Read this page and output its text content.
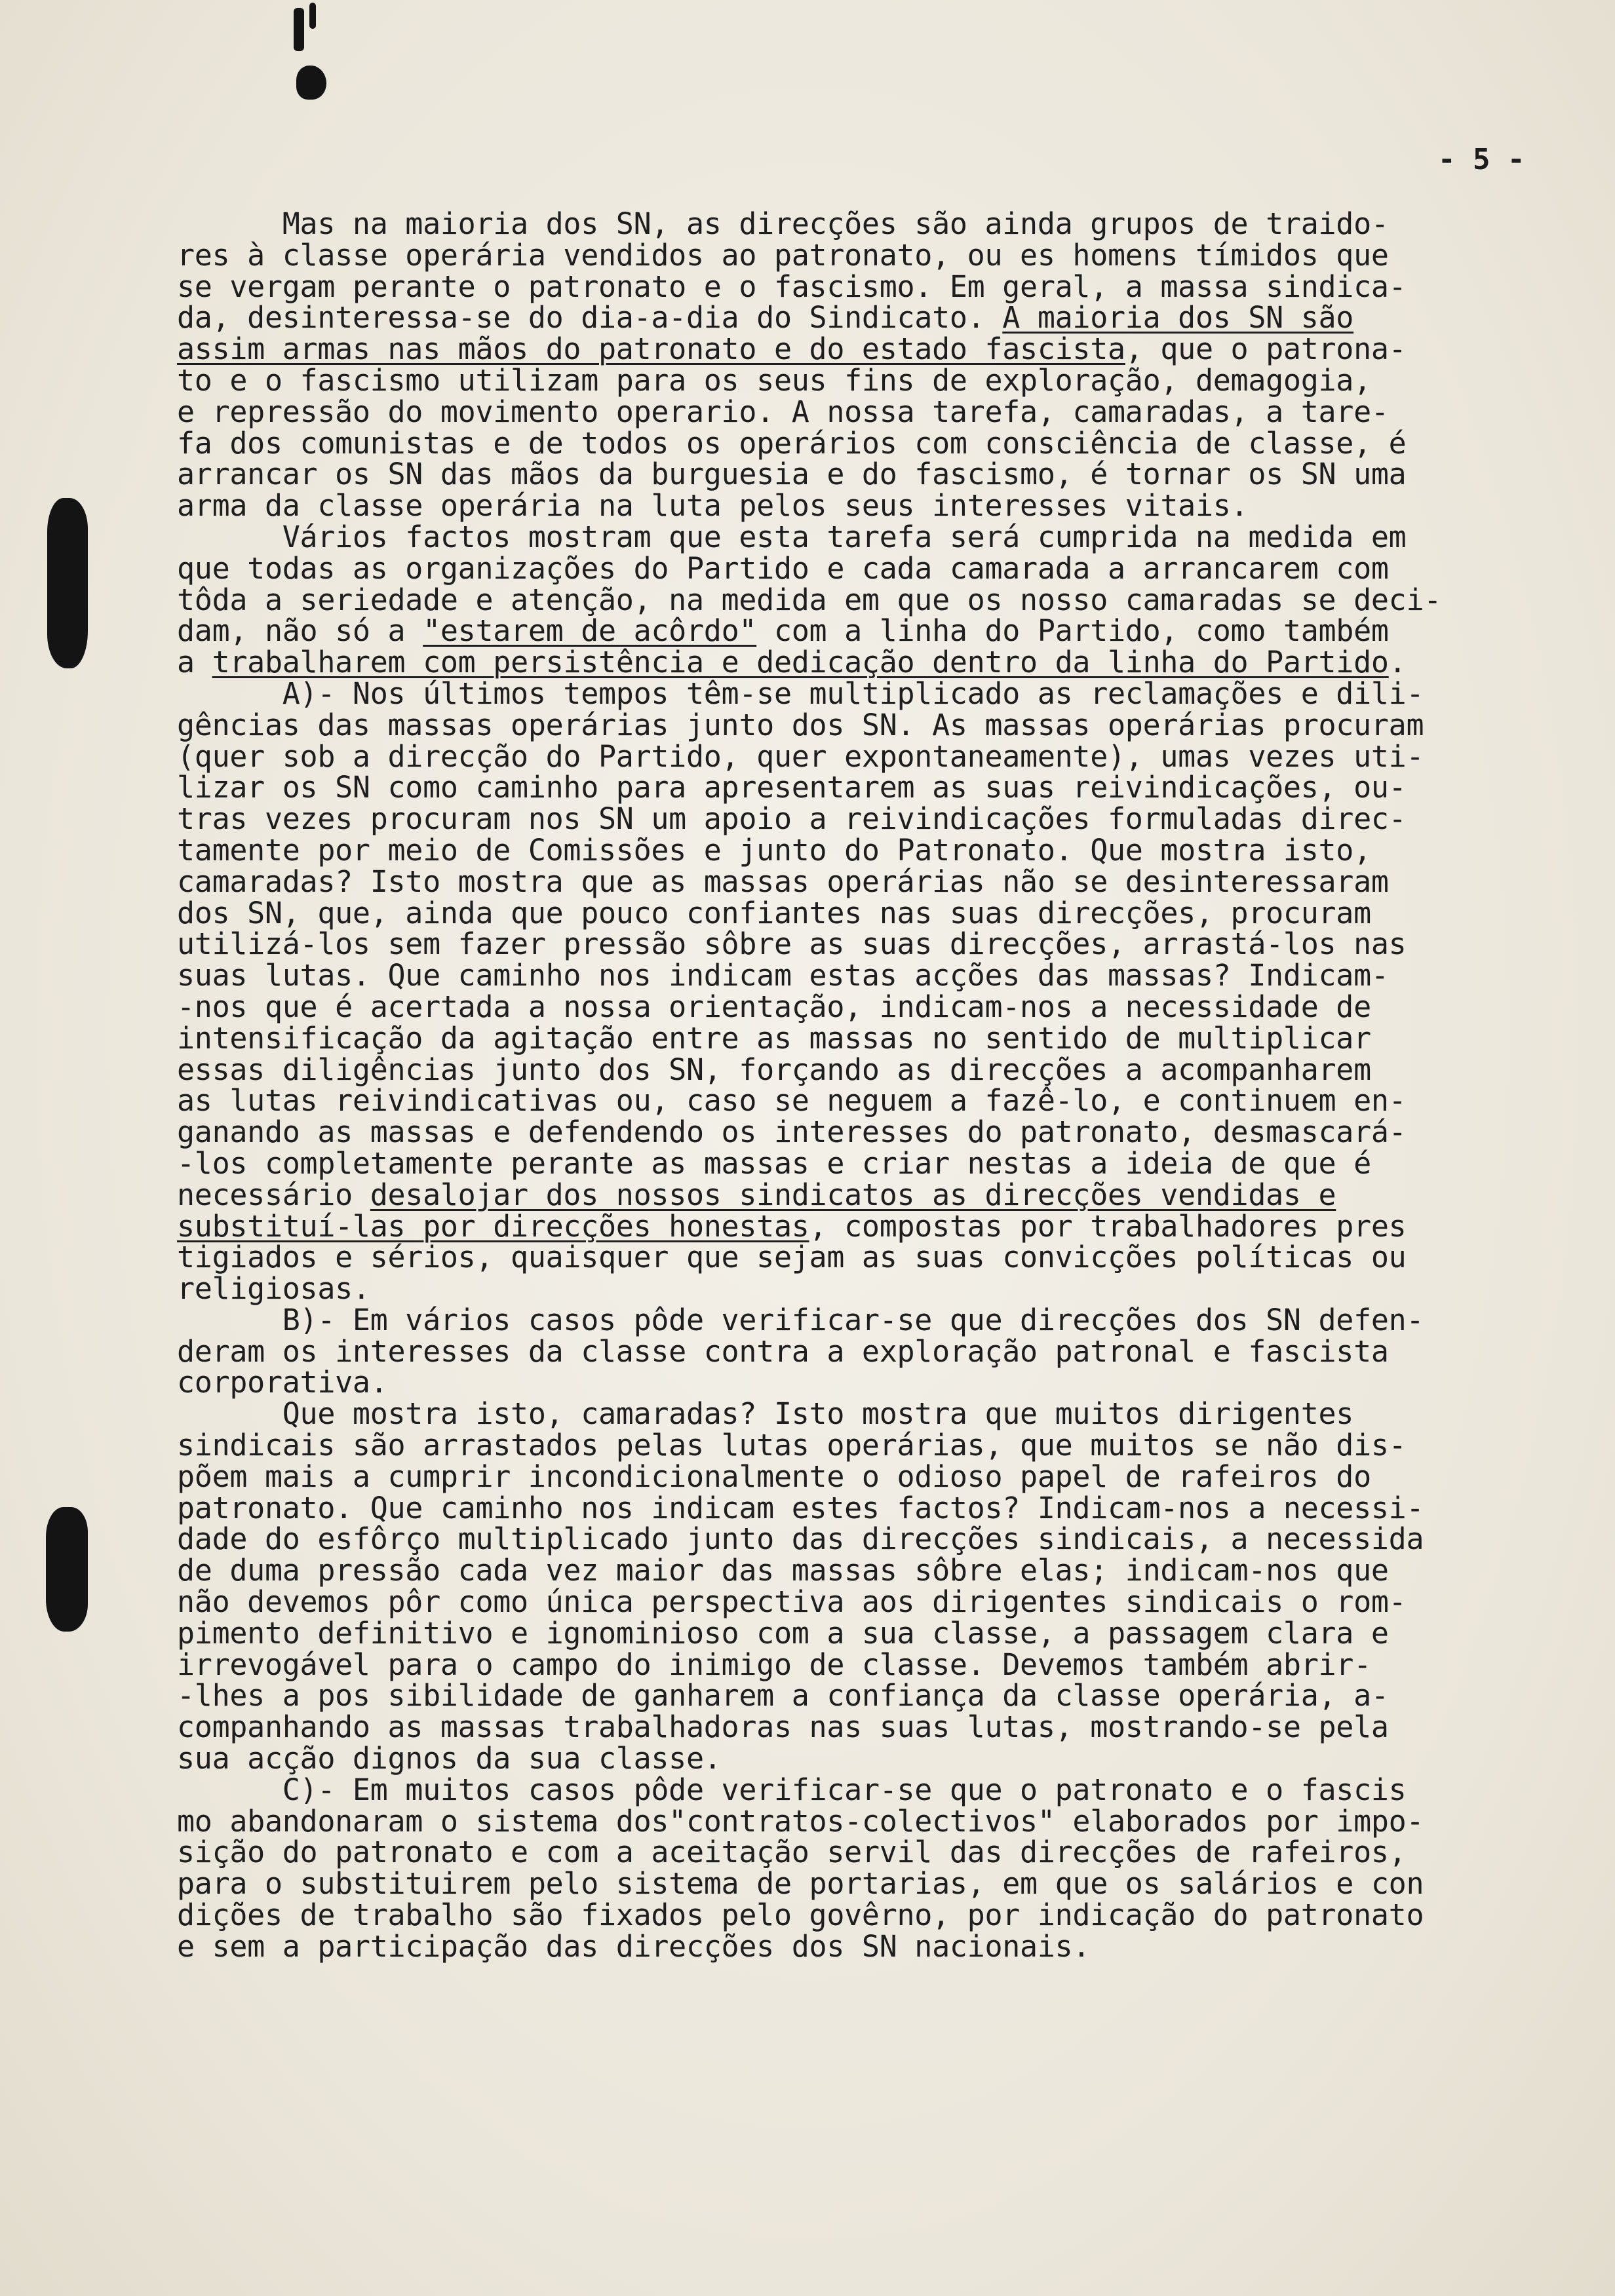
- 5 -
Mas na maioria dos SN, as direcções são ainda grupos de traido-
res à classe operária vendidos ao patronato, ou es homens tímidos que
se vergam perante o patronato e o fascismo. Em geral, a massa sindica-
da, desinteressa-se do dia-a-dia do Sindicato. A maioria dos SN são
assim armas nas mãos do patronato e do estado fascista, que o patrona-
to e o fascismo utilizam para os seus fins de exploração, demagogia,
e repressão do movimento operario. A nossa tarefa, camaradas, a tare-
fa dos comunistas e de todos os operários com consciência de classe, é
arrancar os SN das mãos da burguesia e do fascismo, é tornar os SN uma
arma da classe operária na luta pelos seus interesses vitais.
Vários factos mostram que esta tarefa será cumprida na medida em
que todas as organizações do Partido e cada camarada a arrancarem com
tôda a seriedade e atenção, na medida em que os nosso camaradas se deci-
dam, não só a "estarem de acôrdo" com a linha do Partido, como também
a trabalharem com persistência e dedicação dentro da linha do Partido.
A)- Nos últimos tempos têm-se multiplicado as reclamações e dili-
gências das massas operárias junto dos SN. As massas operárias procuram
(quer sob a direcção do Partido, quer expontaneamente), umas vezes uti-
lizar os SN como caminho para apresentarem as suas reivindicações, ou-
tras vezes procuram nos SN um apoio a reivindicações formuladas direc-
tamente por meio de Comissões e junto do Patronato. Que mostra isto,
camaradas? Isto mostra que as massas operárias não se desinteressaram
dos SN, que, ainda que pouco confiantes nas suas direcções, procuram
utilizá-los sem fazer pressão sôbre as suas direcções, arrastá-los nas
suas lutas. Que caminho nos indicam estas acções das massas? Indicam-
-nos que é acertada a nossa orientação, indicam-nos a necessidade de
intensificação da agitação entre as massas no sentido de multiplicar
essas diligências junto dos SN, forçando as direcções a acompanharem
as lutas reivindicativas ou, caso se neguem a fazê-lo, e continuem en-
ganando as massas e defendendo os interesses do patronato, desmascará-
-los completamente perante as massas e criar nestas a ideia de que é
necessário desalojar dos nossos sindicatos as direcções vendidas e
substituí-las por direcções honestas, compostas por trabalhadores pres
tigiados e sérios, quaisquer que sejam as suas convicções políticas ou
religiosas.
B)- Em vários casos pôde verificar-se que direcções dos SN defen-
deram os interesses da classe contra a exploração patronal e fascista
corporativa.
Que mostra isto, camaradas? Isto mostra que muitos dirigentes
sindicais são arrastados pelas lutas operárias, que muitos se não dis-
põem mais a cumprir incondicionalmente o odioso papel de rafeiros do
patronato. Que caminho nos indicam estes factos? Indicam-nos a necessi-
dade do esfôrço multiplicado junto das direcções sindicais, a necessida
de duma pressão cada vez maior das massas sôbre elas; indicam-nos que
não devemos pôr como única perspectiva aos dirigentes sindicais o rom-
pimento definitivo e ignominioso com a sua classe, a passagem clara e
irrevogável para o campo do inimigo de classe. Devemos também abrir-
-lhes a pos sibilidade de ganharem a confiança da classe operária, a-
companhando as massas trabalhadoras nas suas lutas, mostrando-se pela
sua acção dignos da sua classe.
C)- Em muitos casos pôde verificar-se que o patronato e o fascis
mo abandonaram o sistema dos"contratos-colectivos" elaborados por impo-
sição do patronato e com a aceitação servil das direcções de rafeiros,
para o substituirem pelo sistema de portarias, em que os salários e con
dições de trabalho são fixados pelo govêrno, por indicação do patronato
e sem a participação das direcções dos SN nacionais.
